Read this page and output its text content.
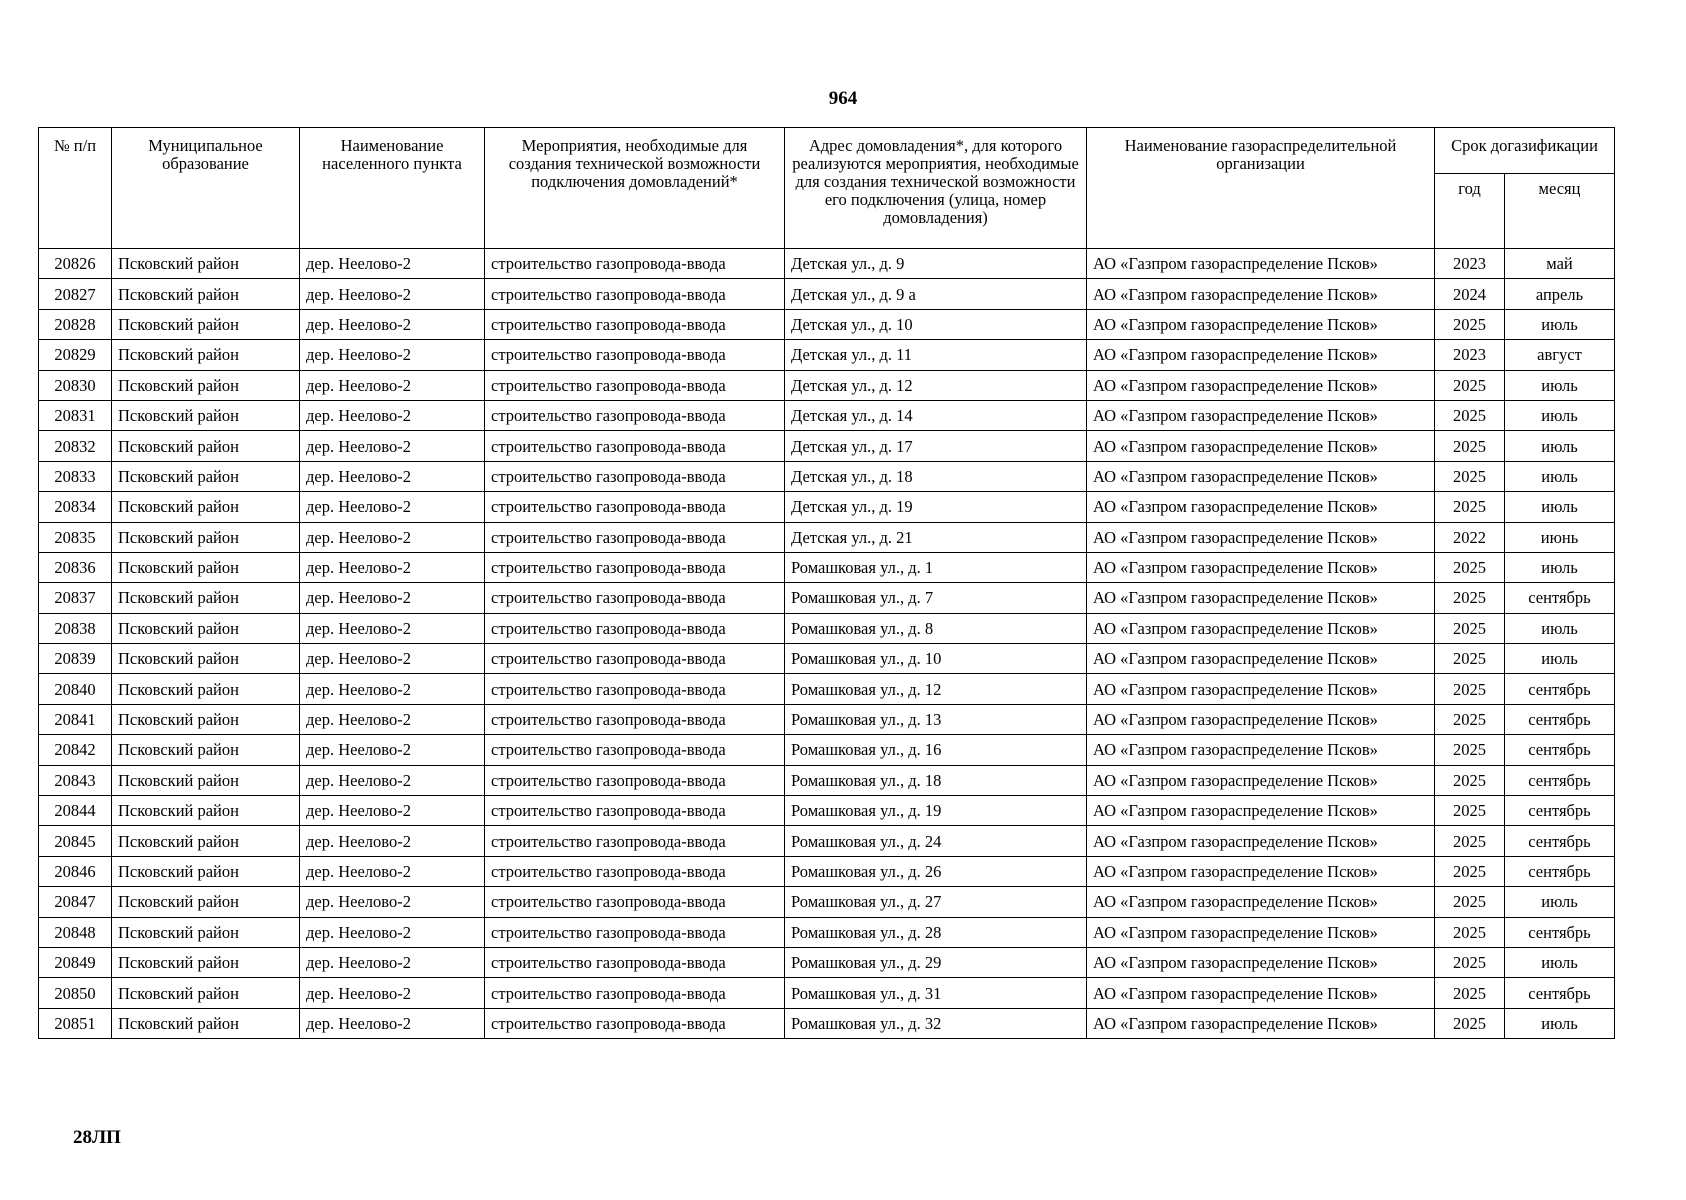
964
№ п/п	Муниципальное образование	Наименование населенного пункта	Мероприятия, необходимые для создания технической возможности подключения домовладений*	Адрес домовладения*, для которого реализуются мероприятия, необходимые для создания технической возможности его подключения (улица, номер домовладения)	Наименование газораспределительной организации	Срок догазификации	
						год	месяц
20826	Псковский район	дер. Неелово-2	строительство газопровода-ввода	Детская ул., д. 9	АО «Газпром газораспределение Псков»	2023	май
20827	Псковский район	дер. Неелово-2	строительство газопровода-ввода	Детская ул., д. 9 а	АО «Газпром газораспределение Псков»	2024	апрель
20828	Псковский район	дер. Неелово-2	строительство газопровода-ввода	Детская ул., д. 10	АО «Газпром газораспределение Псков»	2025	июль
20829	Псковский район	дер. Неелово-2	строительство газопровода-ввода	Детская ул., д. 11	АО «Газпром газораспределение Псков»	2023	август
20830	Псковский район	дер. Неелово-2	строительство газопровода-ввода	Детская ул., д. 12	АО «Газпром газораспределение Псков»	2025	июль
20831	Псковский район	дер. Неелово-2	строительство газопровода-ввода	Детская ул., д. 14	АО «Газпром газораспределение Псков»	2025	июль
20832	Псковский район	дер. Неелово-2	строительство газопровода-ввода	Детская ул., д. 17	АО «Газпром газораспределение Псков»	2025	июль
20833	Псковский район	дер. Неелово-2	строительство газопровода-ввода	Детская ул., д. 18	АО «Газпром газораспределение Псков»	2025	июль
20834	Псковский район	дер. Неелово-2	строительство газопровода-ввода	Детская ул., д. 19	АО «Газпром газораспределение Псков»	2025	июль
20835	Псковский район	дер. Неелово-2	строительство газопровода-ввода	Детская ул., д. 21	АО «Газпром газораспределение Псков»	2022	июнь
20836	Псковский район	дер. Неелово-2	строительство газопровода-ввода	Ромашковая ул., д. 1	АО «Газпром газораспределение Псков»	2025	июль
20837	Псковский район	дер. Неелово-2	строительство газопровода-ввода	Ромашковая ул., д. 7	АО «Газпром газораспределение Псков»	2025	сентябрь
20838	Псковский район	дер. Неелово-2	строительство газопровода-ввода	Ромашковая ул., д. 8	АО «Газпром газораспределение Псков»	2025	июль
20839	Псковский район	дер. Неелово-2	строительство газопровода-ввода	Ромашковая ул., д. 10	АО «Газпром газораспределение Псков»	2025	июль
20840	Псковский район	дер. Неелово-2	строительство газопровода-ввода	Ромашковая ул., д. 12	АО «Газпром газораспределение Псков»	2025	сентябрь
20841	Псковский район	дер. Неелово-2	строительство газопровода-ввода	Ромашковая ул., д. 13	АО «Газпром газораспределение Псков»	2025	сентябрь
20842	Псковский район	дер. Неелово-2	строительство газопровода-ввода	Ромашковая ул., д. 16	АО «Газпром газораспределение Псков»	2025	сентябрь
20843	Псковский район	дер. Неелово-2	строительство газопровода-ввода	Ромашковая ул., д. 18	АО «Газпром газораспределение Псков»	2025	сентябрь
20844	Псковский район	дер. Неелово-2	строительство газопровода-ввода	Ромашковая ул., д. 19	АО «Газпром газораспределение Псков»	2025	сентябрь
20845	Псковский район	дер. Неелово-2	строительство газопровода-ввода	Ромашковая ул., д. 24	АО «Газпром газораспределение Псков»	2025	сентябрь
20846	Псковский район	дер. Неелово-2	строительство газопровода-ввода	Ромашковая ул., д. 26	АО «Газпром газораспределение Псков»	2025	сентябрь
20847	Псковский район	дер. Неелово-2	строительство газопровода-ввода	Ромашковая ул., д. 27	АО «Газпром газораспределение Псков»	2025	июль
20848	Псковский район	дер. Неелово-2	строительство газопровода-ввода	Ромашковая ул., д. 28	АО «Газпром газораспределение Псков»	2025	сентябрь
20849	Псковский район	дер. Неелово-2	строительство газопровода-ввода	Ромашковая ул., д. 29	АО «Газпром газораспределение Псков»	2025	июль
20850	Псковский район	дер. Неелово-2	строительство газопровода-ввода	Ромашковая ул., д. 31	АО «Газпром газораспределение Псков»	2025	сентябрь
20851	Псковский район	дер. Неелово-2	строительство газопровода-ввода	Ромашковая ул., д. 32	АО «Газпром газораспределение Псков»	2025	июль
28ЛП
